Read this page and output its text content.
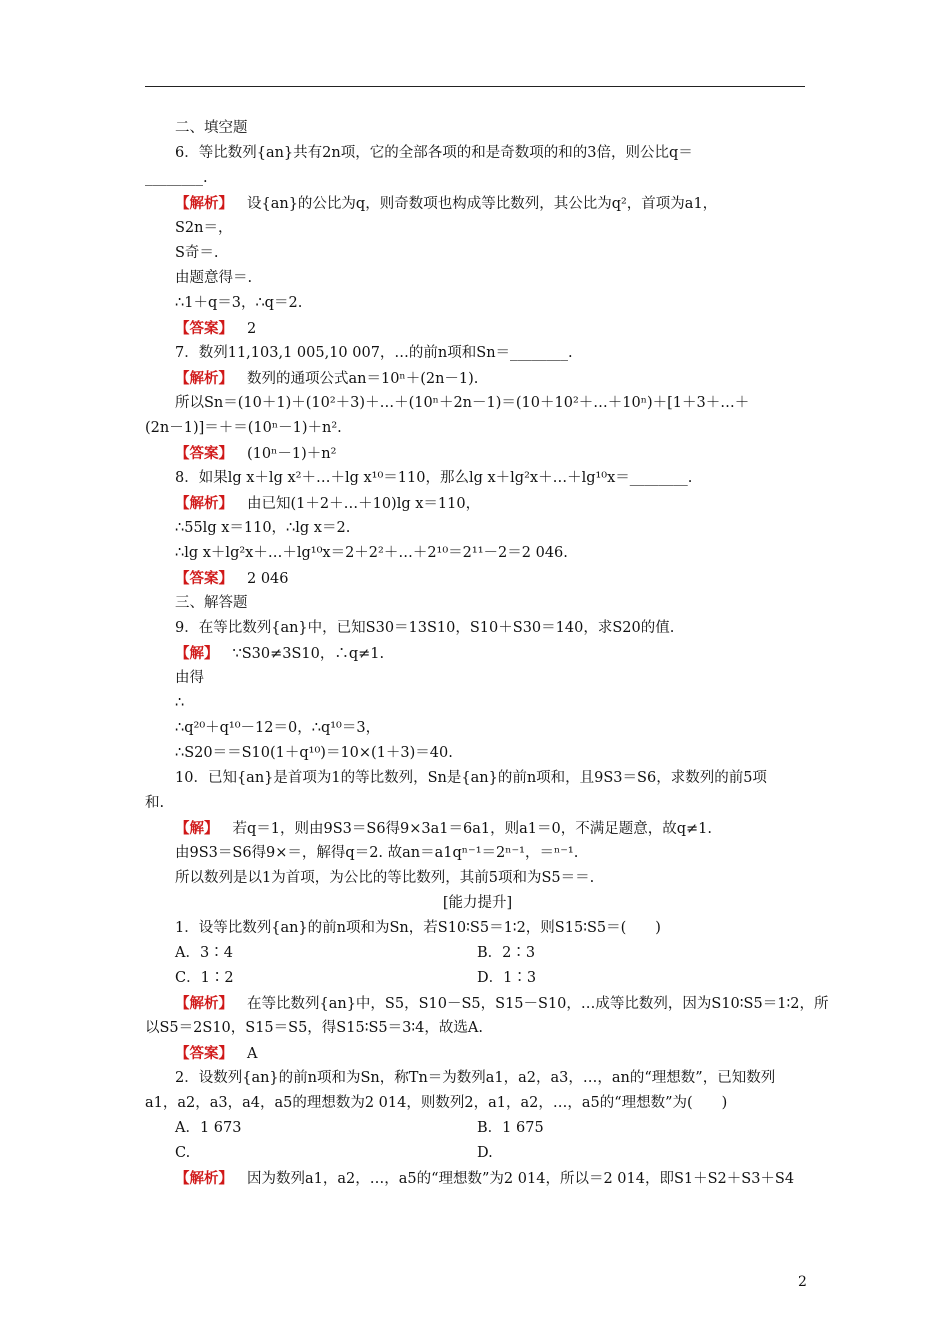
二、填空题
6．等比数列{an}共有2n项，它的全部各项的和是奇数项的和的3倍，则公比q＝
________.
【解析】 设{an}的公比为q，则奇数项也构成等比数列，其公比为q²，首项为a1，
S2n＝，
S奇＝.
由题意得＝.
∴1＋q＝3，∴q＝2.
【答案】 2
7．数列11,103,1 005,10 007，…的前n项和Sn＝________.
【解析】 数列的通项公式an＝10ⁿ＋(2n－1).
所以Sn＝(10＋1)＋(10²＋3)＋…＋(10ⁿ＋2n－1)＝(10＋10²＋…＋10ⁿ)＋[1＋3＋…＋
(2n－1)]＝＋＝(10ⁿ－1)＋n².
【答案】 (10ⁿ－1)＋n²
8．如果lg x＋lg x²＋…＋lg x¹⁰＝110，那么lg x＋lg²x＋…＋lg¹⁰x＝________.
【解析】 由已知(1＋2＋…＋10)lg x＝110，
∴55lg x＝110，∴lg x＝2.
∴lg x＋lg²x＋…＋lg¹⁰x＝2＋2²＋…＋2¹⁰＝2¹¹－2＝2 046.
【答案】 2 046
三、解答题
9．在等比数列{an}中，已知S30＝13S10，S10＋S30＝140，求S20的值.
【解】 ∵S30≠3S10，∴q≠1.
由得
∴
∴q²⁰＋q¹⁰－12＝0，∴q¹⁰＝3，
∴S20＝＝S10(1＋q¹⁰)＝10×(1＋3)＝40.
10．已知{an}是首项为1的等比数列，Sn是{an}的前n项和，且9S3＝S6，求数列的前5项
和.
【解】 若q＝1，则由9S3＝S6得9×3a1＝6a1，则a1＝0，不满足题意，故q≠1.
由9S3＝S6得9×＝，解得q＝2. 故an＝a1qⁿ⁻¹＝2ⁿ⁻¹，＝ⁿ⁻¹.
所以数列是以1为首项，为公比的等比数列，其前5项和为S5＝＝.
[能力提升]
1．设等比数列{an}的前n项和为Sn，若S10∶S5＝1∶2，则S15∶S5＝(　　)
A．3∶4	B．2∶3
C．1∶2	D．1∶3
【解析】 在等比数列{an}中，S5，S10－S5，S15－S10，…成等比数列，因为S10∶S5＝1∶2，所
以S5＝2S10，S15＝S5，得S15∶S5＝3∶4，故选A.
【答案】 A
2．设数列{an}的前n项和为Sn，称Tn＝为数列a1，a2，a3，…，an的“理想数”，已知数列
a1，a2，a3，a4，a5的理想数为2 014，则数列2，a1，a2，…，a5的“理想数”为(　　)
A．1 673	B．1 675
C.	D.
【解析】 因为数列a1，a2，…，a5的“理想数”为2 014，所以＝2 014，即S1＋S2＋S3＋S4
2
